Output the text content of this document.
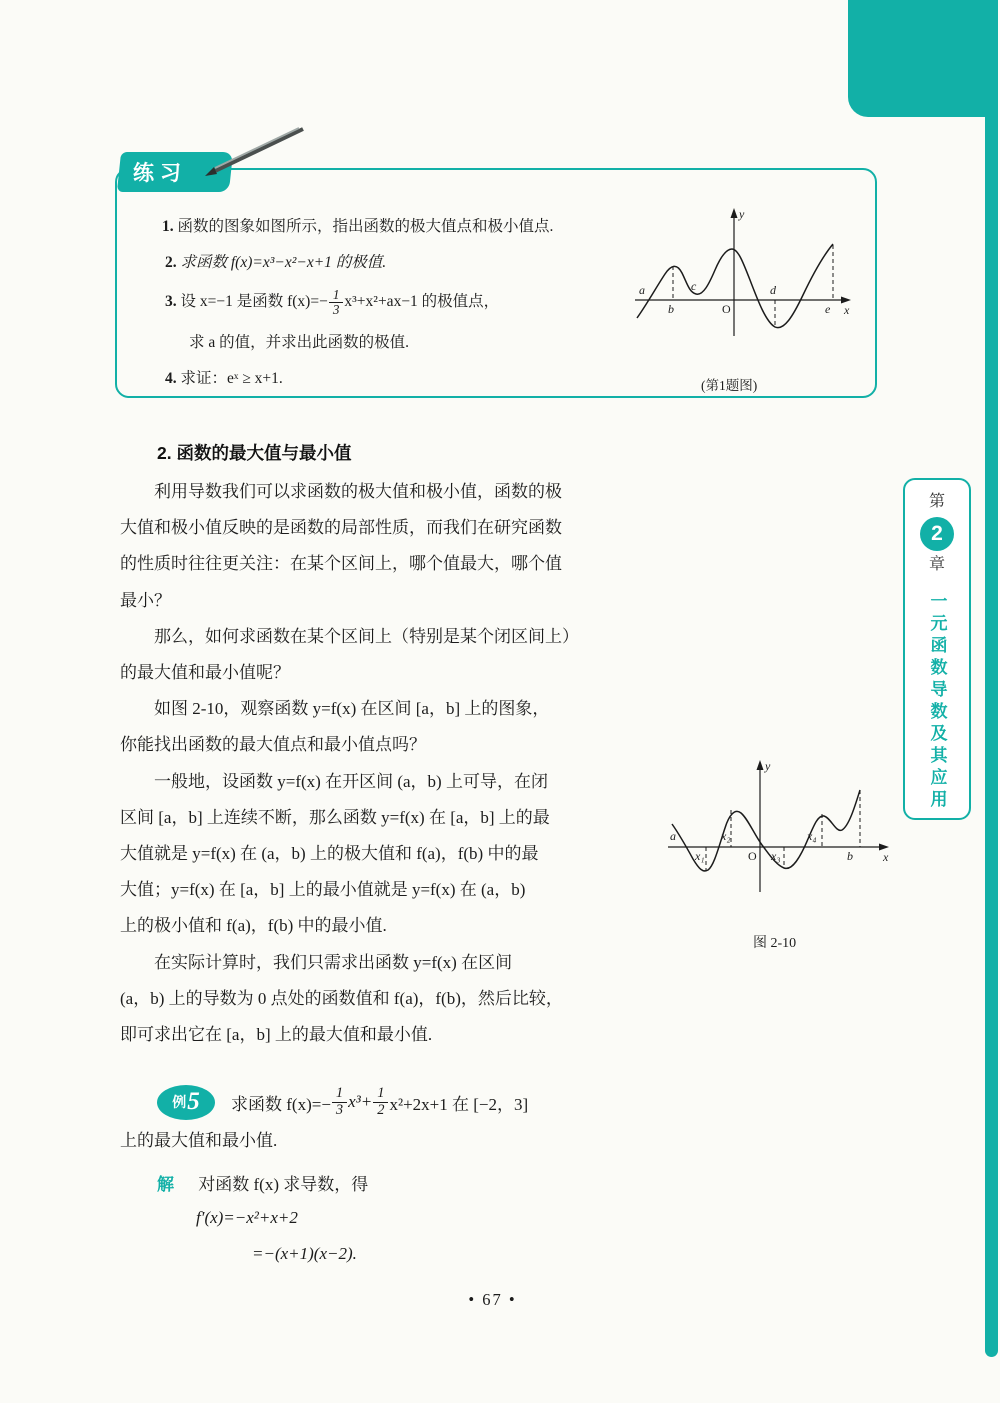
第
2
章
一元函数导数及其应用
练习
1. 函数的图象如图所示，指出函数的极大值点和极小值点.
2. 求函数 f(x)=x³−x²−x+1 的极值.
3. 设 x=−1 是函数 $f(x)=- \frac{1}{3} x^3+x^2+ax-1$ 的极值点，
求 a 的值，并求出此函数的极值.
4. 求证：eˣ ≥ x+1.
a
b
c
O
d
e x
y
(第1题图)
2. 函数的最大值与最小值
利用导数我们可以求函数的极大值和极小值，函数的极
大值和极小值反映的是函数的局部性质，而我们在研究函数
的性质时往往更关注：在某个区间上，哪个值最大，哪个值
最小？
那么，如何求函数在某个区间上（特别是某个闭区间上）
的最大值和最小值呢？
如图 2-10，观察函数 y=f(x) 在区间 [a，b] 上的图象，
你能找出函数的最大值点和最小值点吗？
一般地，设函数 y=f(x) 在开区间 (a，b) 上可导，在闭
区间 [a，b] 上连续不断，那么函数 y=f(x) 在 [a，b] 上的最
大值就是 y=f(x) 在 (a，b) 上的极大值和 f(a)，f(b) 中的最
大值；y=f(x) 在 [a，b] 上的最小值就是 y=f(x) 在 (a，b)
上的极小值和 f(a)，f(b) 中的最小值.
在实际计算时，我们只需求出函数 y=f(x) 在区间
(a，b) 上的导数为 0 点处的函数值和 f(a)，f(b)，然后比较，
即可求出它在 [a，b] 上的最大值和最小值.
a
x₁
x₂
O x₃
x₄
b	x
y
图 2-10
例 5 求函数 $f(x)=- \frac{1}{3} x^3+ \frac{1}{2} x^2+2x+1$ 在 [−2，3]
上的最大值和最小值.
解 对函数 f(x) 求导数，得
f′(x)=−x²+x+2
=−(x+1)(x−2).
• 67 •
